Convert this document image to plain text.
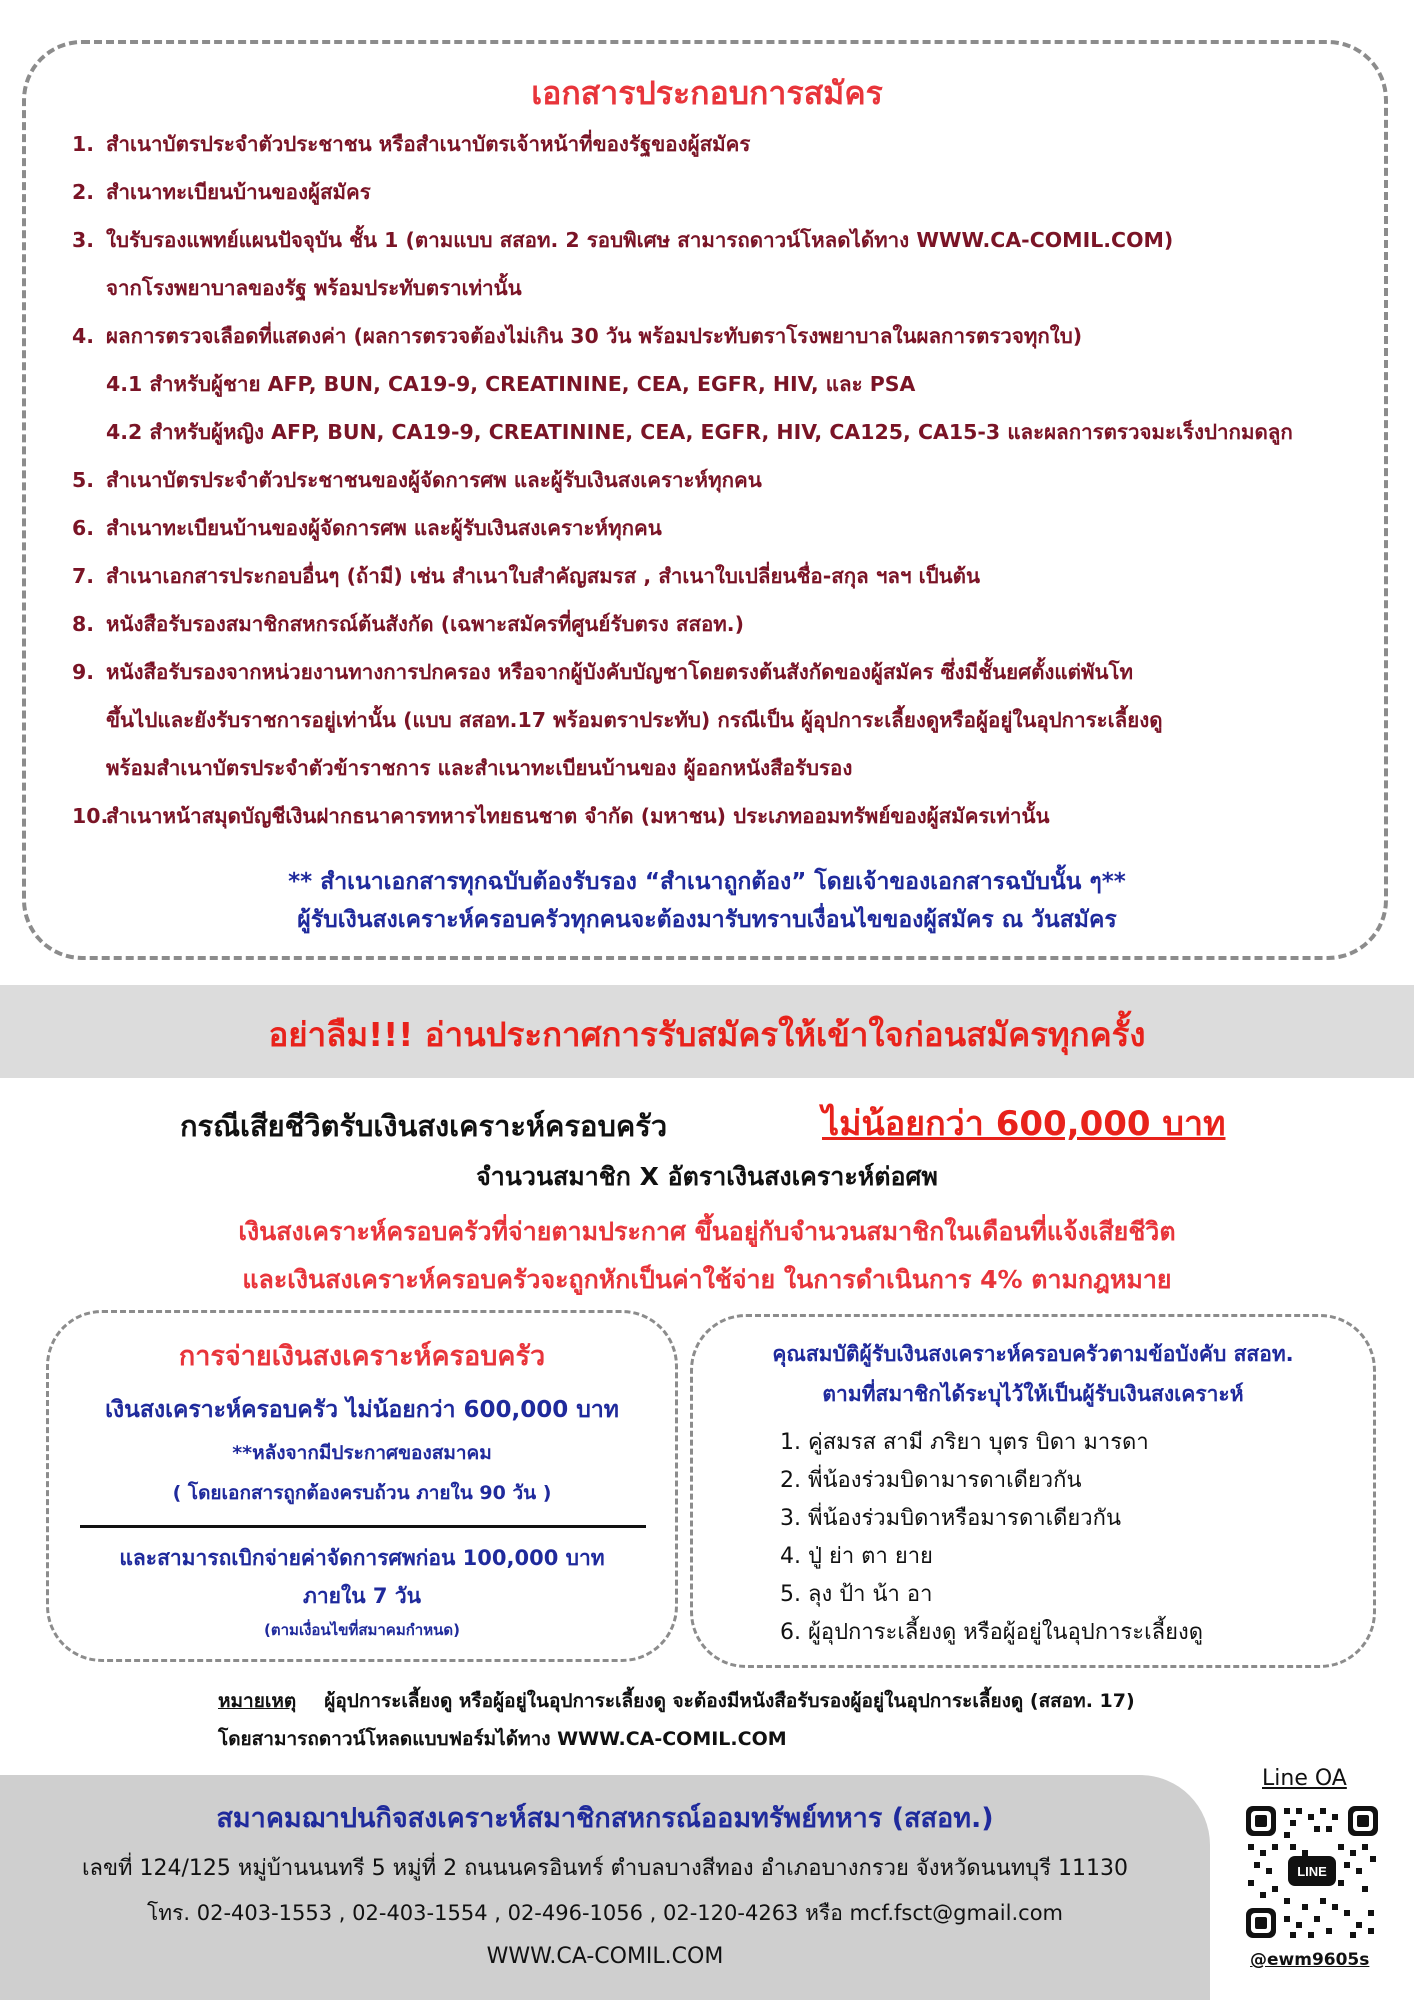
เอกสารประกอบการสมัคร
1. สำเนาบัตรประจำตัวประชาชน หรือสำเนาบัตรเจ้าหน้าที่ของรัฐของผู้สมัคร
2. สำเนาทะเบียนบ้านของผู้สมัคร
3. ใบรับรองแพทย์แผนปัจจุบัน ชั้น 1 (ตามแบบ สสอท. 2 รอบพิเศษ สามารถดาวน์โหลดได้ทาง WWW.CA-COMIL.COM)
จากโรงพยาบาลของรัฐ พร้อมประทับตราเท่านั้น
4. ผลการตรวจเลือดที่แสดงค่า (ผลการตรวจต้องไม่เกิน 30 วัน พร้อมประทับตราโรงพยาบาลในผลการตรวจทุกใบ)
4.1 สำหรับผู้ชาย AFP, BUN, CA19-9, CREATININE, CEA, EGFR, HIV, และ PSA
4.2 สำหรับผู้หญิง AFP, BUN, CA19-9, CREATININE, CEA, EGFR, HIV, CA125, CA15-3 และผลการตรวจมะเร็งปากมดลูก
5. สำเนาบัตรประจำตัวประชาชนของผู้จัดการศพ และผู้รับเงินสงเคราะห์ทุกคน
6. สำเนาทะเบียนบ้านของผู้จัดการศพ และผู้รับเงินสงเคราะห์ทุกคน
7. สำเนาเอกสารประกอบอื่นๆ (ถ้ามี) เช่น สำเนาใบสำคัญสมรส , สำเนาใบเปลี่ยนชื่อ-สกุล ฯลฯ เป็นต้น
8. หนังสือรับรองสมาชิกสหกรณ์ต้นสังกัด (เฉพาะสมัครที่ศูนย์รับตรง สสอท.)
9. หนังสือรับรองจากหน่วยงานทางการปกครอง หรือจากผู้บังคับบัญชาโดยตรงต้นสังกัดของผู้สมัคร ซึ่งมีชั้นยศตั้งแต่พันโท
ขึ้นไปและยังรับราชการอยู่เท่านั้น (แบบ สสอท.17 พร้อมตราประทับ) กรณีเป็น ผู้อุปการะเลี้ยงดูหรือผู้อยู่ในอุปการะเลี้ยงดู
พร้อมสำเนาบัตรประจำตัวข้าราชการ และสำเนาทะเบียนบ้านของ ผู้ออกหนังสือรับรอง
10.สำเนาหน้าสมุดบัญชีเงินฝากธนาคารทหารไทยธนชาต จำกัด (มหาชน) ประเภทออมทรัพย์ของผู้สมัครเท่านั้น
** สำเนาเอกสารทุกฉบับต้องรับรอง “สำเนาถูกต้อง” โดยเจ้าของเอกสารฉบับนั้น ๆ**
ผู้รับเงินสงเคราะห์ครอบครัวทุกคนจะต้องมารับทราบเงื่อนไขของผู้สมัคร ณ วันสมัคร
อย่าลืม!!! อ่านประกาศการรับสมัครให้เข้าใจก่อนสมัครทุกครั้ง
กรณีเสียชีวิตรับเงินสงเคราะห์ครอบครัว	ไม่น้อยกว่า 600,000 บาท
จำนวนสมาชิก X อัตราเงินสงเคราะห์ต่อศพ
เงินสงเคราะห์ครอบครัวที่จ่ายตามประกาศ ขึ้นอยู่กับจำนวนสมาชิกในเดือนที่แจ้งเสียชีวิต
และเงินสงเคราะห์ครอบครัวจะถูกหักเป็นค่าใช้จ่าย ในการดำเนินการ 4% ตามกฎหมาย
การจ่ายเงินสงเคราะห์ครอบครัว
เงินสงเคราะห์ครอบครัว ไม่น้อยกว่า 600,000 บาท
**หลังจากมีประกาศของสมาคม
( โดยเอกสารถูกต้องครบถ้วน ภายใน 90 วัน )
และสามารถเบิกจ่ายค่าจัดการศพก่อน 100,000 บาท
ภายใน 7 วัน
(ตามเงื่อนไขที่สมาคมกำหนด)
คุณสมบัติผู้รับเงินสงเคราะห์ครอบครัวตามข้อบังคับ สสอท.
ตามที่สมาชิกได้ระบุไว้ให้เป็นผู้รับเงินสงเคราะห์
1. คู่สมรส สามี ภริยา บุตร บิดา มารดา
2. พี่น้องร่วมบิดามารดาเดียวกัน
3. พี่น้องร่วมบิดาหรือมารดาเดียวกัน
4. ปู่ ย่า ตา ยาย
5. ลุง ป้า น้า อา
6. ผู้อุปการะเลี้ยงดู หรือผู้อยู่ในอุปการะเลี้ยงดู
หมายเหตุ ผู้อุปการะเลี้ยงดู หรือผู้อยู่ในอุปการะเลี้ยงดู จะต้องมีหนังสือรับรองผู้อยู่ในอุปการะเลี้ยงดู (สสอท. 17)
โดยสามารถดาวน์โหลดแบบฟอร์มได้ทาง WWW.CA-COMIL.COM
สมาคมฌาปนกิจสงเคราะห์สมาชิกสหกรณ์ออมทรัพย์ทหาร (สสอท.)
เลขที่ 124/125 หมู่บ้านนนทรี 5 หมู่ที่ 2 ถนนนครอินทร์ ตำบลบางสีทอง อำเภอบางกรวย จังหวัดนนทบุรี 11130
โทร. 02-403-1553 , 02-403-1554 , 02-496-1056 , 02-120-4263 หรือ mcf.fsct@gmail.com
WWW.CA-COMIL.COM
Line OA
LINE
@ewm9605s
